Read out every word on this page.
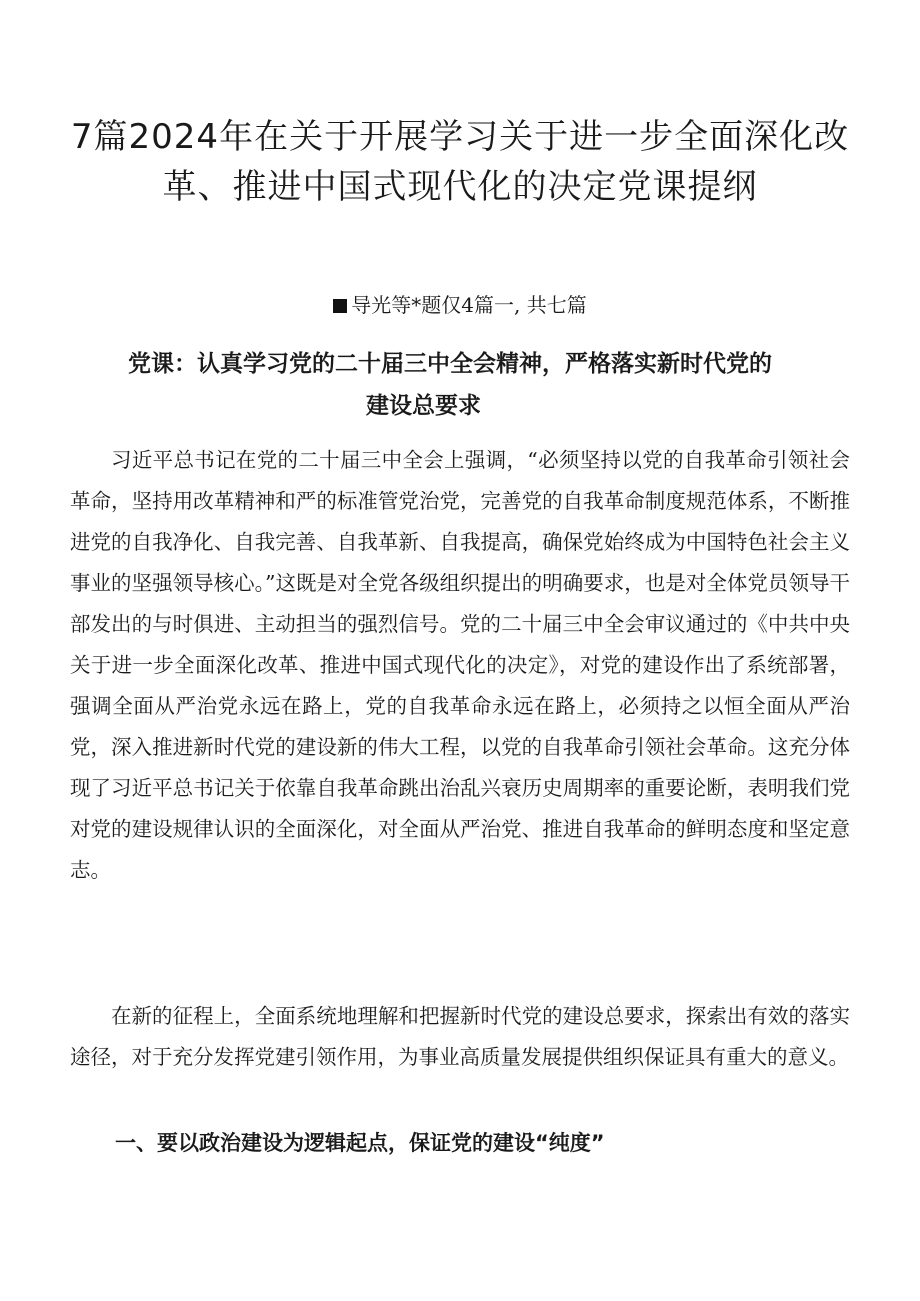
7篇2024年在关于开展学习关于进一步全面深化改革、推进中国式现代化的决定党课提纲
导光等*题仅4篇一, 共七篇
党课：认真学习党的二十届三中全会精神，严格落实新时代党的
建设总要求

习近平总书记在党的二十届三中全会上强调，“必须坚持以党的自我革命引领社会革命，坚持用改革精神和严的标准管党治党，完善党的自我革命制度规范体系，不断推进党的自我净化、自我完善、自我革新、自我提高，确保党始终成为中国特色社会主义事业的坚强领导核心。”这既是对全党各级组织提出的明确要求，也是对全体党员领导干部发出的与时俱进、主动担当的强烈信号。党的二十届三中全会审议通过的《中共中央关于进一步全面深化改革、推进中国式现代化的决定》，对党的建设作出了系统部署，强调全面从严治党永远在路上，党的自我革命永远在路上，必须持之以恒全面从严治党，深入推进新时代党的建设新的伟大工程，以党的自我革命引领社会革命。这充分体现了习近平总书记关于依靠自我革命跳出治乱兴衰历史周期率的重要论断，表明我们党对党的建设规律认识的全面深化，对全面从严治党、推进自我革命的鲜明态度和坚定意志。

在新的征程上，全面系统地理解和把握新时代党的建设总要求，探索出有效的落实途径，对于充分发挥党建引领作用，为事业高质量发展提供组织保证具有重大的意义。

一、要以政治建设为逻辑起点，保证党的建设“纯度”
